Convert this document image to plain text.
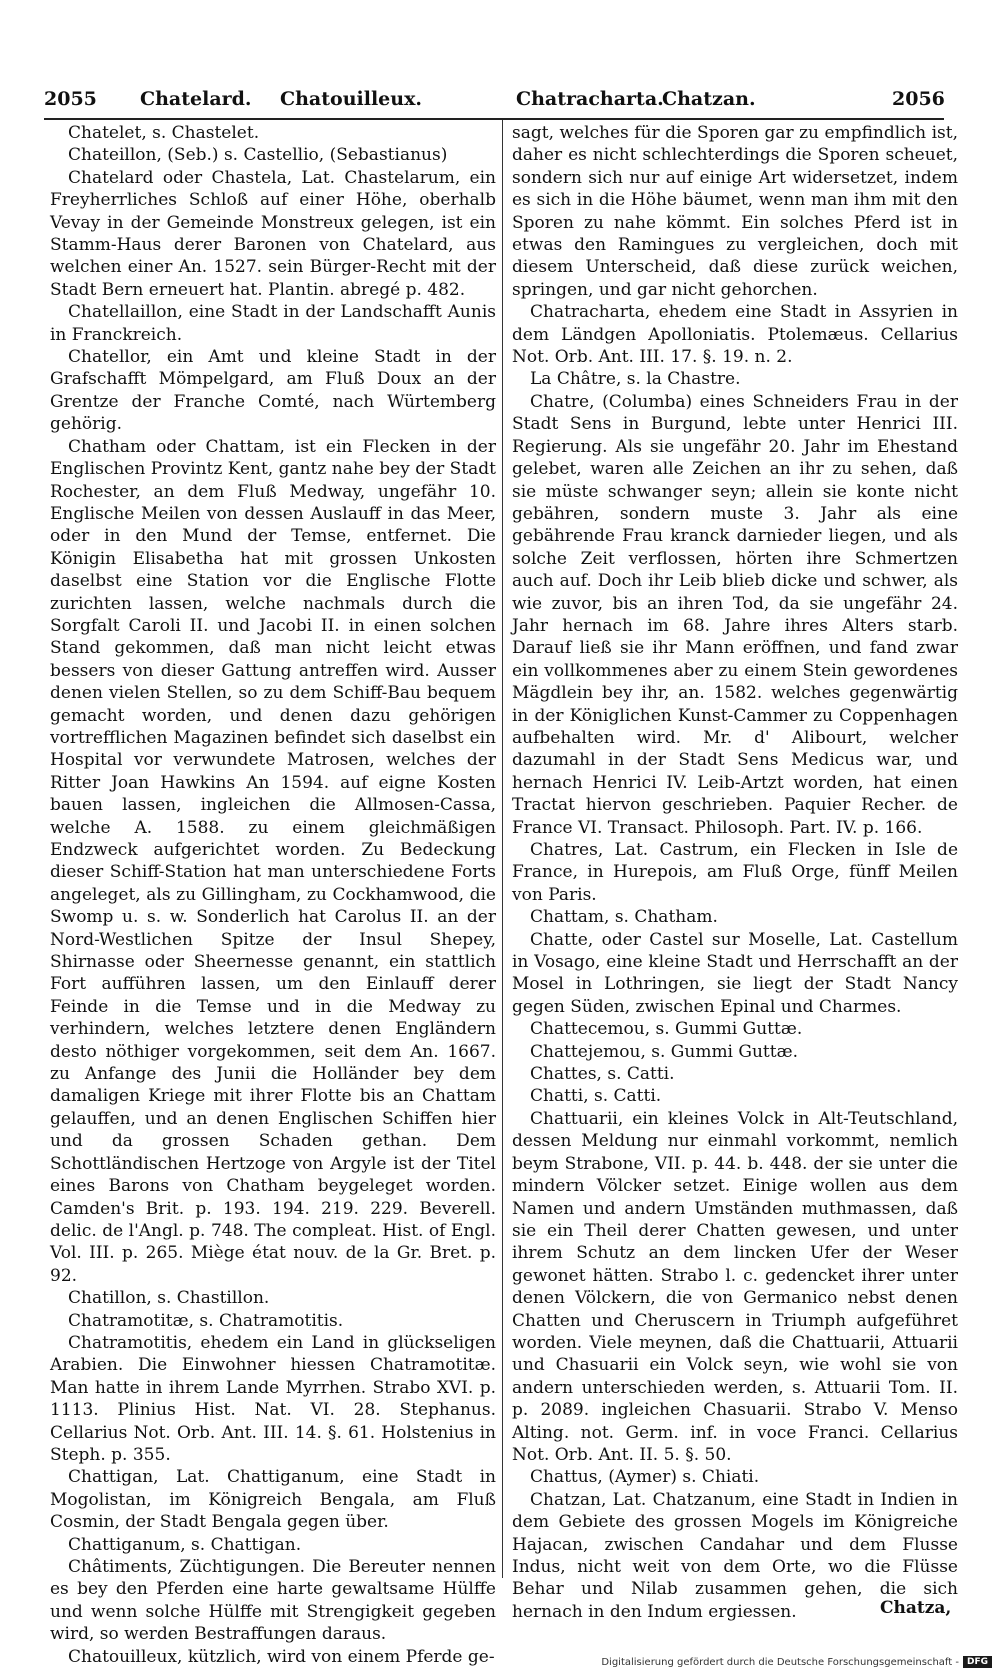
2055 Chatelard. Chatouilleux.	Chatracharta.
Chatzan.	2056

Chatelet, s. Chastelet.

Chateillon, (Seb.) s. Castellio, (Sebastianus)

Chatelard oder Chastela, Lat. Chastelarum, ein Freyherrliches Schloß auf einer Höhe, oberhalb Vevay in der Gemeinde Monstreux gelegen, ist ein Stamm-Haus derer Baronen von Chatelard, aus welchen einer An. 1527. sein Bürger-Recht mit der Stadt Bern erneuert hat. Plantin. abregé p. 482.

Chatellaillon, eine Stadt in der Landschafft Aunis in Franckreich.

Chatellor, ein Amt und kleine Stadt in der Grafschafft Mömpelgard, am Fluß Doux an der Grentze der Franche Comté, nach Würtemberg gehörig.

Chatham oder Chattam, ist ein Flecken in der Englischen Provintz Kent, gantz nahe bey der Stadt Rochester, an dem Fluß Medway, ungefähr 10. Englische Meilen von dessen Auslauff in das Meer, oder in den Mund der Temse, entfernet. Die Königin Elisabetha hat mit grossen Unkosten daselbst eine Station vor die Englische Flotte zurichten lassen, welche nachmals durch die Sorgfalt Caroli II. und Jacobi II. in einen solchen Stand gekommen, daß man nicht leicht etwas bessers von dieser Gattung antreffen wird. Ausser denen vielen Stellen, so zu dem Schiff-Bau bequem gemacht worden, und denen dazu gehörigen vortrefflichen Magazinen befindet sich daselbst ein Hospital vor verwundete Matrosen, welches der Ritter Joan Hawkins An 1594. auf eigne Kosten bauen lassen, ingleichen die Allmosen-Cassa, welche A. 1588. zu einem gleichmäßigen Endzweck aufgerichtet worden. Zu Bedeckung dieser Schiff-Station hat man unterschiedene Forts angeleget, als zu Gillingham, zu Cockhamwood, die Swomp u. s. w. Sonderlich hat Carolus II. an der Nord-Westlichen Spitze der Insul Shepey, Shirnasse oder Sheernesse genannt, ein stattlich Fort aufführen lassen, um den Einlauff derer Feinde in die Temse und in die Medway zu verhindern, welches letztere denen Engländern desto nöthiger vorgekommen, seit dem An. 1667. zu Anfange des Junii die Holländer bey dem damaligen Kriege mit ihrer Flotte bis an Chattam gelauffen, und an denen Englischen Schiffen hier und da grossen Schaden gethan. Dem Schottländischen Hertzoge von Argyle ist der Titel eines Barons von Chatham beygeleget worden. Camden's Brit. p. 193. 194. 219. 229. Beverell. delic. de l'Angl. p. 748. The compleat. Hist. of Engl. Vol. III. p. 265. Miège état nouv. de la Gr. Bret. p. 92.

Chatillon, s. Chastillon.

Chatramotitæ, s. Chatramotitis.

Chatramotitis, ehedem ein Land in glückseligen Arabien. Die Einwohner hiessen Chatramotitæ. Man hatte in ihrem Lande Myrrhen. Strabo XVI. p. 1113. Plinius Hist. Nat. VI. 28. Stephanus. Cellarius Not. Orb. Ant. III. 14. §. 61. Holstenius in Steph. p. 355.

Chattigan, Lat. Chattiganum, eine Stadt in Mogolistan, im Königreich Bengala, am Fluß Cosmin, der Stadt Bengala gegen über.

Chattiganum, s. Chattigan.

Châtiments, Züchtigungen. Die Bereuter nennen es bey den Pferden eine harte gewaltsame Hülffe und wenn solche Hülffe mit Strengigkeit gegeben wird, so werden Bestraffungen daraus.

Chatouilleux, kützlich, wird von einem Pferde ge-

sagt, welches für die Sporen gar zu empfindlich ist, daher es nicht schlechterdings die Sporen scheuet, sondern sich nur auf einige Art widersetzet, indem es sich in die Höhe bäumet, wenn man ihm mit den Sporen zu nahe kömmt. Ein solches Pferd ist in etwas den Ramingues zu vergleichen, doch mit diesem Unterscheid, daß diese zurück weichen, springen, und gar nicht gehorchen.

Chatracharta, ehedem eine Stadt in Assyrien in dem Ländgen Apolloniatis. Ptolemæus. Cellarius Not. Orb. Ant. III. 17. §. 19. n. 2.

La Châtre, s. la Chastre.

Chatre, (Columba) eines Schneiders Frau in der Stadt Sens in Burgund, lebte unter Henrici III. Regierung. Als sie ungefähr 20. Jahr im Ehestand gelebet, waren alle Zeichen an ihr zu sehen, daß sie müste schwanger seyn; allein sie konte nicht gebähren, sondern muste 3. Jahr als eine gebährende Frau kranck darnieder liegen, und als solche Zeit verflossen, hörten ihre Schmertzen auch auf. Doch ihr Leib blieb dicke und schwer, als wie zuvor, bis an ihren Tod, da sie ungefähr 24. Jahr hernach im 68. Jahre ihres Alters starb. Darauf ließ sie ihr Mann eröffnen, und fand zwar ein vollkommenes aber zu einem Stein gewordenes Mägdlein bey ihr, an. 1582. welches gegenwärtig in der Königlichen Kunst-Cammer zu Coppenhagen aufbehalten wird. Mr. d' Alibourt, welcher dazumahl in der Stadt Sens Medicus war, und hernach Henrici IV. Leib-Artzt worden, hat einen Tractat hiervon geschrieben. Paquier Recher. de France VI. Transact. Philosoph. Part. IV. p. 166.

Chatres, Lat. Castrum, ein Flecken in Isle de France, in Hurepois, am Fluß Orge, fünff Meilen von Paris.

Chattam, s. Chatham.

Chatte, oder Castel sur Moselle, Lat. Castellum in Vosago, eine kleine Stadt und Herrschafft an der Mosel in Lothringen, sie liegt der Stadt Nancy gegen Süden, zwischen Epinal und Charmes.

Chattecemou, s. Gummi Guttæ.

Chattejemou, s. Gummi Guttæ.

Chattes, s. Catti.

Chatti, s. Catti.

Chattuarii, ein kleines Volck in Alt-Teutschland, dessen Meldung nur einmahl vorkommt, nemlich beym Strabone, VII. p. 44. b. 448. der sie unter die mindern Völcker setzet. Einige wollen aus dem Namen und andern Umständen muthmassen, daß sie ein Theil derer Chatten gewesen, und unter ihrem Schutz an dem lincken Ufer der Weser gewonet hätten. Strabo l. c. gedencket ihrer unter denen Völckern, die von Germanico nebst denen Chatten und Cheruscern in Triumph aufgeführet worden. Viele meynen, daß die Chattuarii, Attuarii und Chasuarii ein Volck seyn, wie wohl sie von andern unterschieden werden, s. Attuarii Tom. II. p. 2089. ingleichen Chasuarii. Strabo V. Menso Alting. not. Germ. inf. in voce Franci. Cellarius Not. Orb. Ant. II. 5. §. 50.

Chattus, (Aymer) s. Chiati.

Chatzan, Lat. Chatzanum, eine Stadt in Indien in dem Gebiete des grossen Mogels im Königreiche Hajacan, zwischen Candahar und dem Flusse Indus, nicht weit von dem Orte, wo die Flüsse Behar und Nilab zusammen gehen, die sich hernach in den Indum ergiessen.	Chatza,
Digitalisierung gefördert durch die Deutsche Forschungsgemeinschaft - DFG
